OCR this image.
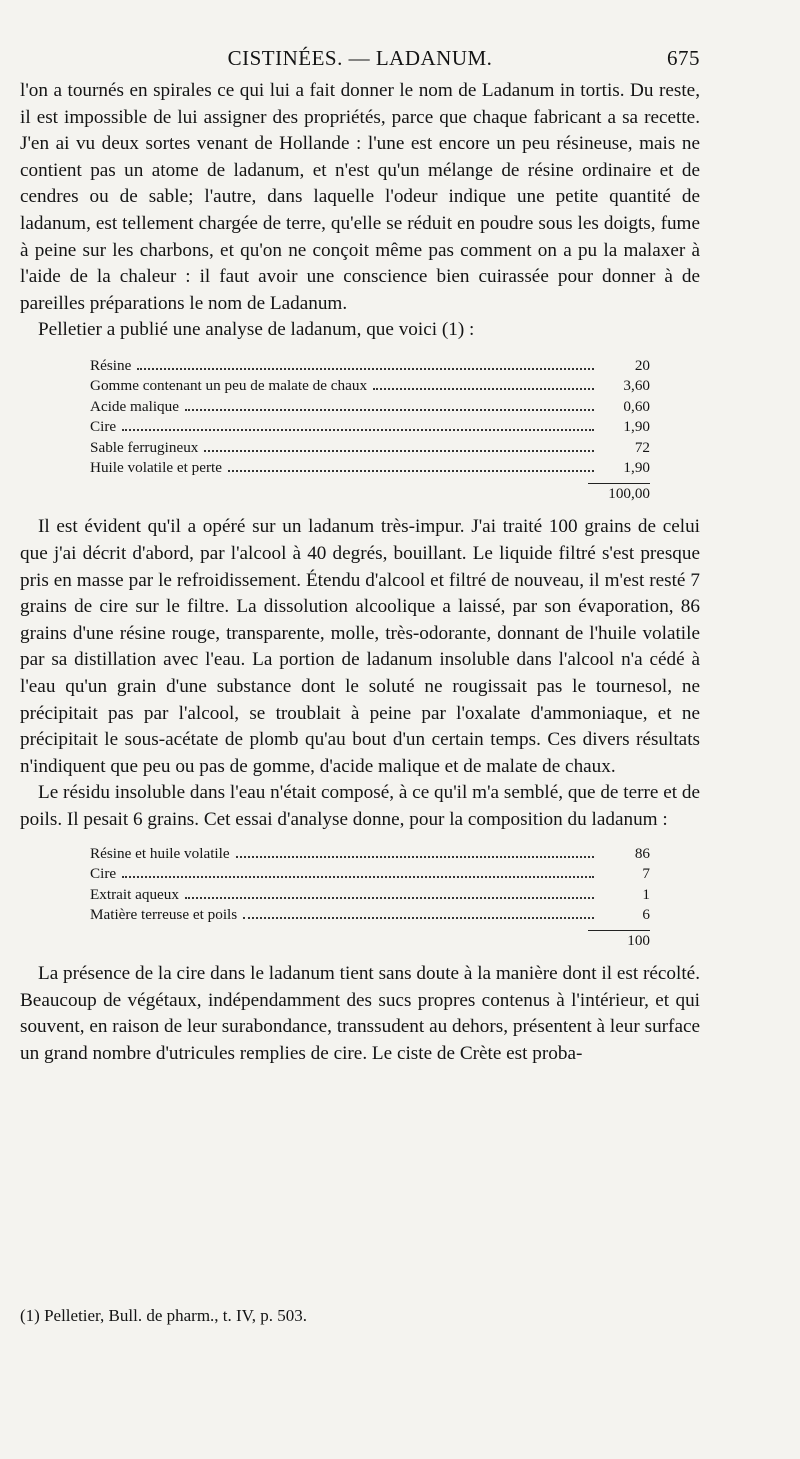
CISTINÉES. — LADANUM.	675

l'on a tournés en spirales ce qui lui a fait donner le nom de Ladanum in tortis. Du reste, il est impossible de lui assigner des propriétés, parce que chaque fabricant a sa recette. J'en ai vu deux sortes venant de Hollande : l'une est encore un peu résineuse, mais ne contient pas un atome de ladanum, et n'est qu'un mélange de résine ordinaire et de cendres ou de sable; l'autre, dans laquelle l'odeur indique une petite quantité de ladanum, est tellement chargée de terre, qu'elle se réduit en poudre sous les doigts, fume à peine sur les charbons, et qu'on ne conçoit même pas comment on a pu la malaxer à l'aide de la chaleur : il faut avoir une conscience bien cuirassée pour donner à de pareilles préparations le nom de Ladanum.

Pelletier a publié une analyse de ladanum, que voici (1) :

Résine	20
Gomme contenant un peu de malate de chaux	3,60
Acide malique	0,60
Cire	1,90
Sable ferrugineux	72
Huile volatile et perte	1,90
100,00

Il est évident qu'il a opéré sur un ladanum très-impur. J'ai traité 100 grains de celui que j'ai décrit d'abord, par l'alcool à 40 degrés, bouillant. Le liquide filtré s'est presque pris en masse par le refroidissement. Étendu d'alcool et filtré de nouveau, il m'est resté 7 grains de cire sur le filtre. La dissolution alcoolique a laissé, par son évaporation, 86 grains d'une résine rouge, transparente, molle, très-odorante, donnant de l'huile volatile par sa distillation avec l'eau. La portion de ladanum insoluble dans l'alcool n'a cédé à l'eau qu'un grain d'une substance dont le soluté ne rougissait pas le tournesol, ne précipitait pas par l'alcool, se troublait à peine par l'oxalate d'ammoniaque, et ne précipitait le sous-acétate de plomb qu'au bout d'un certain temps. Ces divers résultats n'indiquent que peu ou pas de gomme, d'acide malique et de malate de chaux.

Le résidu insoluble dans l'eau n'était composé, à ce qu'il m'a semblé, que de terre et de poils. Il pesait 6 grains. Cet essai d'analyse donne, pour la composition du ladanum :

Résine et huile volatile	86
Cire	7
Extrait aqueux	1
Matière terreuse et poils	6
100

La présence de la cire dans le ladanum tient sans doute à la manière dont il est récolté. Beaucoup de végétaux, indépendamment des sucs propres contenus à l'intérieur, et qui souvent, en raison de leur surabondance, transsudent au dehors, présentent à leur surface un grand nombre d'utricules remplies de cire. Le ciste de Crète est proba-

(1) Pelletier, Bull. de pharm., t. IV, p. 503.
